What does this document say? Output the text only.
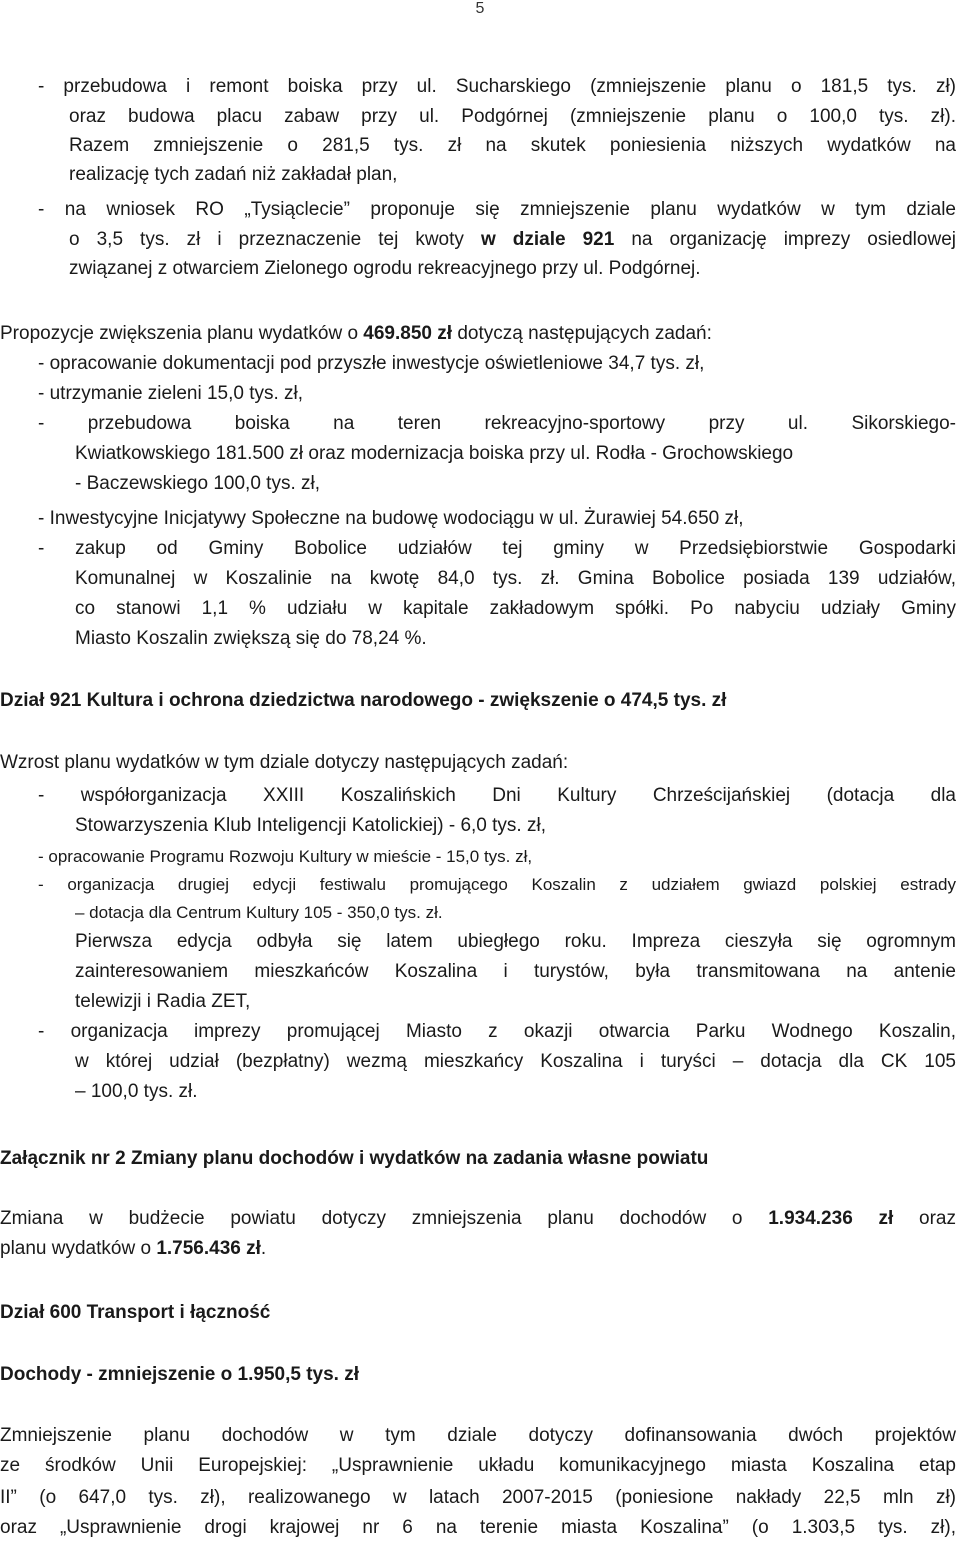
5
- przebudowa i remont boiska przy ul. Sucharskiego (zmniejszenie planu o 181,5 tys. zł)
oraz budowa placu zabaw przy ul. Podgórnej (zmniejszenie planu o 100,0 tys. zł).
Razem zmniejszenie o 281,5 tys. zł na skutek poniesienia niższych wydatków na
realizację tych zadań niż zakładał plan,
- na wniosek RO „Tysiąclecie” proponuje się zmniejszenie planu wydatków w tym dziale
o 3,5 tys. zł i przeznaczenie tej kwoty w dziale 921 na organizację imprezy osiedlowej
związanej z otwarciem Zielonego ogrodu rekreacyjnego przy ul. Podgórnej.
Propozycje zwiększenia planu wydatków o 469.850 zł dotyczą następujących zadań:
- opracowanie dokumentacji pod przyszłe inwestycje oświetleniowe 34,7 tys. zł,
- utrzymanie zieleni 15,0 tys. zł,
- przebudowa boiska na teren rekreacyjno-sportowy przy ul. Sikorskiego-
Kwiatkowskiego 181.500 zł oraz modernizacja boiska przy ul. Rodła - Grochowskiego
- Baczewskiego 100,0 tys. zł,
- Inwestycyjne Inicjatywy Społeczne na budowę wodociągu w ul. Żurawiej 54.650 zł,
- zakup od Gminy Bobolice udziałów tej gminy w Przedsiębiorstwie Gospodarki
Komunalnej w Koszalinie na kwotę 84,0 tys. zł. Gmina Bobolice posiada 139 udziałów,
co stanowi 1,1 % udziału w kapitale zakładowym spółki. Po nabyciu udziały Gminy
Miasto Koszalin zwiększą się do 78,24 %.
Dział 921 Kultura i ochrona dziedzictwa narodowego - zwiększenie o 474,5 tys. zł
Wzrost planu wydatków w tym dziale dotyczy następujących zadań:
- współorganizacja XXIII Koszalińskich Dni Kultury Chrześcijańskiej (dotacja dla
Stowarzyszenia Klub Inteligencji Katolickiej) - 6,0 tys. zł,
- opracowanie Programu Rozwoju Kultury w mieście - 15,0 tys. zł,
- organizacja drugiej edycji festiwalu promującego Koszalin z udziałem gwiazd polskiej estrady
– dotacja dla Centrum Kultury 105 - 350,0 tys. zł.
Pierwsza edycja odbyła się latem ubiegłego roku. Impreza cieszyła się ogromnym
zainteresowaniem mieszkańców Koszalina i turystów, była transmitowana na antenie
telewizji i Radia ZET,
- organizacja imprezy promującej Miasto z okazji otwarcia Parku Wodnego Koszalin,
w której udział (bezpłatny) wezmą mieszkańcy Koszalina i turyści – dotacja dla CK 105
– 100,0 tys. zł.
Załącznik nr 2 Zmiany planu dochodów i wydatków na zadania własne powiatu
Zmiana w budżecie powiatu dotyczy zmniejszenia planu dochodów o 1.934.236 zł oraz
planu wydatków o 1.756.436 zł.
Dział 600 Transport i łączność
Dochody - zmniejszenie o 1.950,5 tys. zł
Zmniejszenie planu dochodów w tym dziale dotyczy dofinansowania dwóch projektów
ze środków Unii Europejskiej: „Usprawnienie układu komunikacyjnego miasta Koszalina etap
II” (o 647,0 tys. zł), realizowanego w latach 2007-2015 (poniesione nakłady 22,5 mln zł)
oraz „Usprawnienie drogi krajowej nr 6 na terenie miasta Koszalina” (o 1.303,5 tys. zł),
